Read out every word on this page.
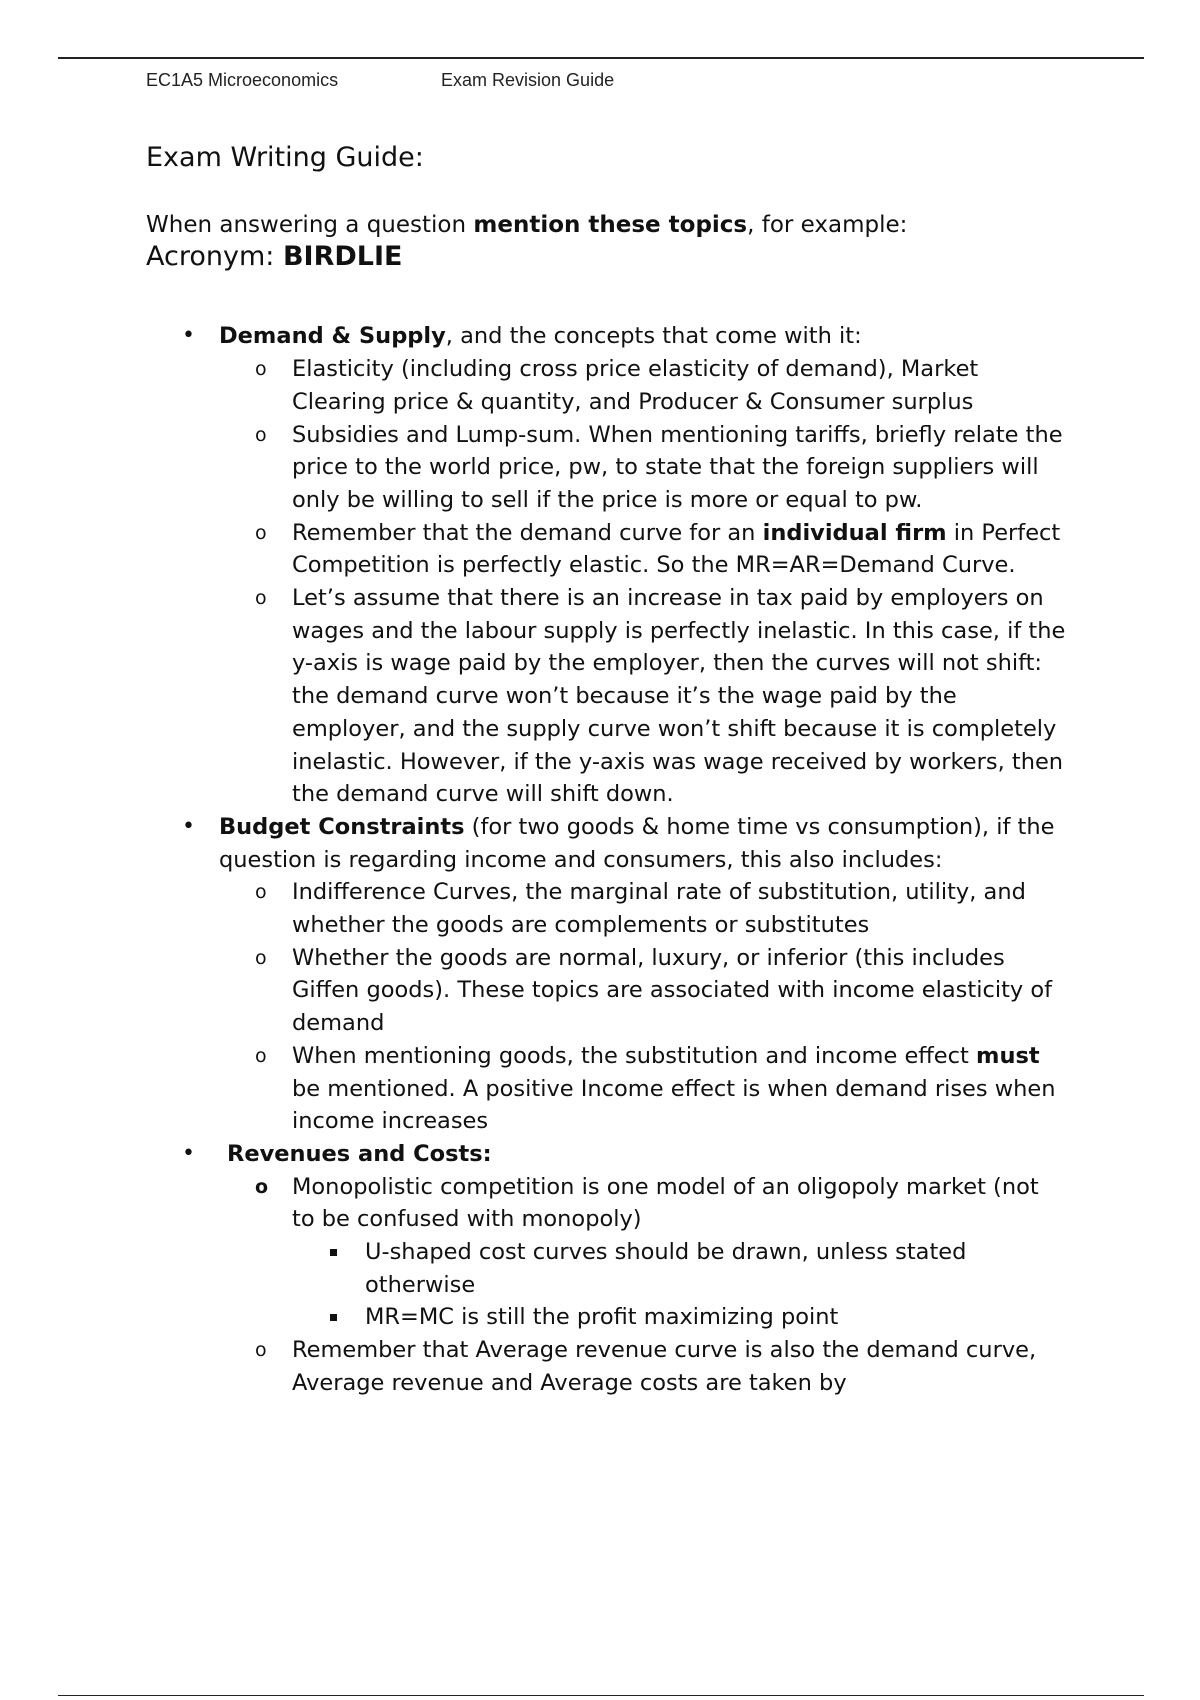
EC1A5 Microeconomics	Exam Revision Guide
Exam Writing Guide:

When answering a question mention these topics, for example:

Acronym: BIRDLIE

• Demand & Supply, and the concepts that come with it:
o Elasticity (including cross price elasticity of demand), Market Clearing price & quantity, and Producer & Consumer surplus
o Subsidies and Lump-sum. When mentioning tariffs, briefly relate the price to the world price, pw, to state that the foreign suppliers will only be willing to sell if the price is more or equal to pw.
o Remember that the demand curve for an individual firm in Perfect Competition is perfectly elastic. So the MR=AR=Demand Curve.
o Let’s assume that there is an increase in tax paid by employers on wages and the labour supply is perfectly inelastic. In this case, if the y-axis is wage paid by the employer, then the curves will not shift: the demand curve won’t because it’s the wage paid by the employer, and the supply curve won’t shift because it is completely inelastic. However, if the y-axis was wage received by workers, then the demand curve will shift down.
• Budget Constraints (for two goods & home time vs consumption), if the question is regarding income and consumers, this also includes:
o Indifference Curves, the marginal rate of substitution, utility, and whether the goods are complements or substitutes
o Whether the goods are normal, luxury, or inferior (this includes Giffen goods). These topics are associated with income elasticity of demand
o When mentioning goods, the substitution and income effect must be mentioned. A positive Income effect is when demand rises when income increases
• Revenues and Costs:
o Monopolistic competition is one model of an oligopoly market (not to be confused with monopoly)
U-shaped cost curves should be drawn, unless stated otherwise
MR=MC is still the profit maximizing point
o Remember that Average revenue curve is also the demand curve, Average revenue and Average costs are taken by
